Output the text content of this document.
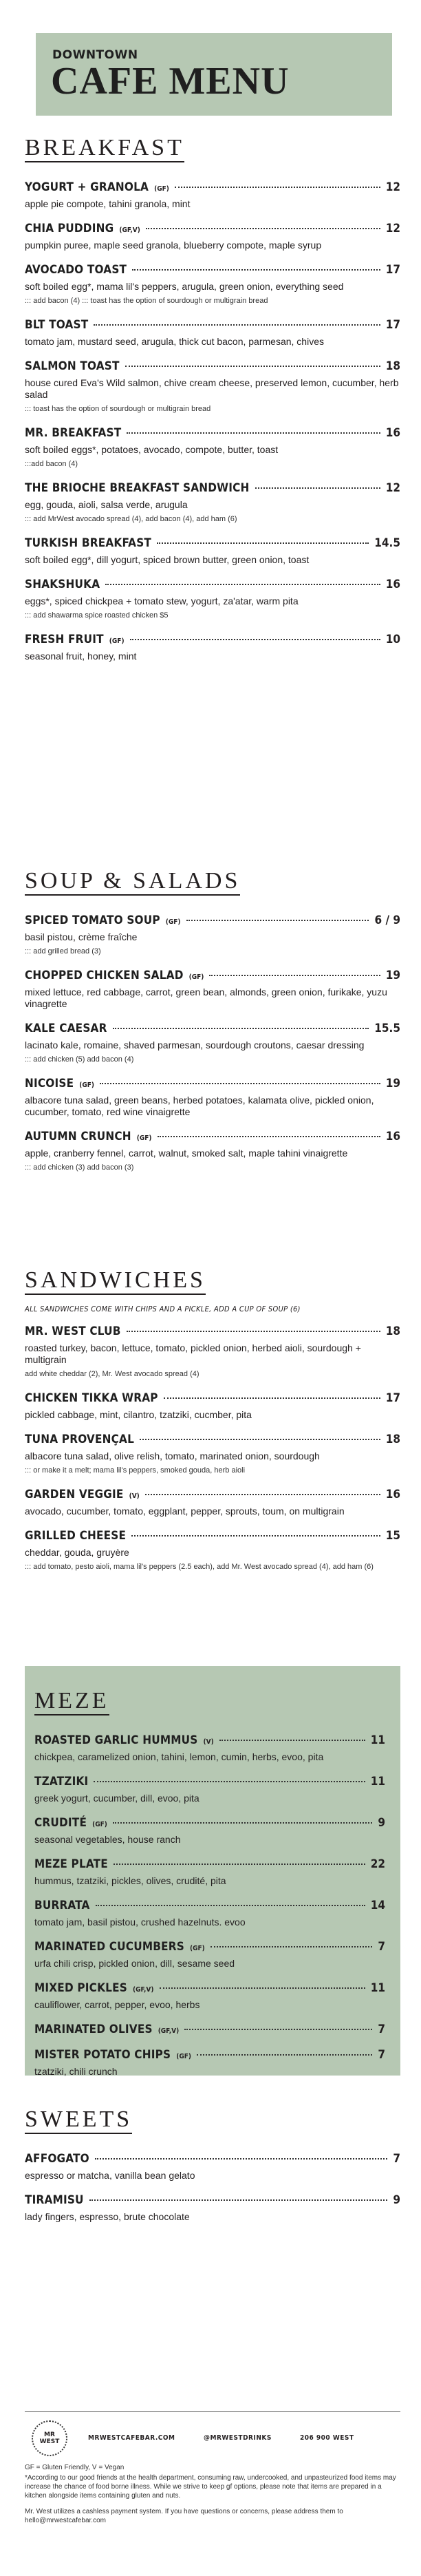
DOWNTOWN
CAFE MENU
BREAKFAST
YOGURT + GRANOLA (GF)	12
apple pie compote, tahini granola, mint
CHIA PUDDING (GF,V)	12
pumpkin puree, maple seed granola, blueberry compote, maple syrup
AVOCADO TOAST	17
soft boiled egg*, mama lil's peppers, arugula, green onion, everything seed
::: add bacon (4) ::: toast has the option of sourdough or multigrain bread
BLT TOAST	17
tomato jam, mustard seed, arugula, thick cut bacon, parmesan, chives
SALMON TOAST	18
house cured Eva's Wild salmon, chive cream cheese, preserved lemon, cucumber, herb salad
::: toast has the option of sourdough or multigrain bread
MR. BREAKFAST	16
soft boiled eggs*, potatoes, avocado, compote, butter, toast
:::add bacon (4)
THE BRIOCHE BREAKFAST SANDWICH	12
egg, gouda, aioli, salsa verde, arugula
::: add MrWest avocado spread (4), add bacon (4), add ham (6)
TURKISH BREAKFAST	14.5
soft boiled egg*, dill yogurt, spiced brown butter, green onion, toast
SHAKSHUKA	16
eggs*, spiced chickpea + tomato stew, yogurt, za'atar, warm pita
::: add shawarma spice roasted chicken $5
FRESH FRUIT (GF)	10
seasonal fruit, honey, mint
SOUP & SALADS
SPICED TOMATO SOUP (GF)	6 / 9
basil pistou, crème fraîche
::: add grilled bread (3)
CHOPPED CHICKEN SALAD (GF)	19
mixed lettuce, red cabbage, carrot, green bean, almonds, green onion, furikake, yuzu vinagrette
KALE CAESAR	15.5
lacinato kale, romaine, shaved parmesan, sourdough croutons, caesar dressing
::: add chicken (5) add bacon (4)
NICOISE (GF)	19
albacore tuna salad, green beans, herbed potatoes, kalamata olive, pickled onion, cucumber, tomato, red wine vinaigrette
AUTUMN CRUNCH (GF)	16
apple, cranberry fennel, carrot, walnut, smoked salt, maple tahini vinaigrette
::: add chicken (3) add bacon (3)
SANDWICHES
ALL SANDWICHES COME WITH CHIPS AND A PICKLE, ADD A CUP OF SOUP (6)
MR. WEST CLUB	18
roasted turkey, bacon, lettuce, tomato, pickled onion, herbed aioli, sourdough + multigrain
add white cheddar (2), Mr. West avocado spread (4)
CHICKEN TIKKA WRAP	17
pickled cabbage, mint, cilantro, tzatziki, cucmber, pita
TUNA PROVENÇAL	18
albacore tuna salad, olive relish, tomato, marinated onion, sourdough
::: or make it a melt; mama lil's peppers, smoked gouda, herb aioli
GARDEN VEGGIE (V)	16
avocado, cucumber, tomato, eggplant, pepper, sprouts, toum, on multigrain
GRILLED CHEESE	15
cheddar, gouda, gruyère
::: add tomato, pesto aioli, mama lil's peppers (2.5 each), add Mr. West avocado spread (4), add ham (6)
MEZE
ROASTED GARLIC HUMMUS (V)	11
chickpea, caramelized onion, tahini, lemon, cumin, herbs, evoo, pita
TZATZIKI	11
greek yogurt, cucumber, dill, evoo, pita
CRUDITÉ (GF)	9
seasonal vegetables, house ranch
MEZE PLATE	22
hummus, tzatziki, pickles, olives, crudité, pita
BURRATA	14
tomato jam, basil pistou, crushed hazelnuts. evoo
MARINATED CUCUMBERS (GF)	7
urfa chili crisp, pickled onion, dill, sesame seed
MIXED PICKLES (GF,V)	11
cauliflower, carrot, pepper, evoo, herbs
MARINATED OLIVES (GF,V)	7
MISTER POTATO CHIPS (GF)	7
tzatziki, chili crunch
SWEETS
AFFOGATO	7
espresso or matcha, vanilla bean gelato
TIRAMISU	9
lady fingers, espresso, brute chocolate
MR
WEST	MRWESTCAFEBAR.COM	@MRWESTDRINKS	206 900 WEST
GF = Gluten Friendly, V = Vegan
*According to our good friends at the health department, consuming raw, undercooked, and unpasteurized food items may increase the chance of food borne illness. While we strive to keep gf options, please note that items are prepared in a kitchen alongside items containing gluten and nuts.
Mr. West utilizes a cashless payment system. If you have questions or concerns, please address them to hello@mrwestcafebar.com
